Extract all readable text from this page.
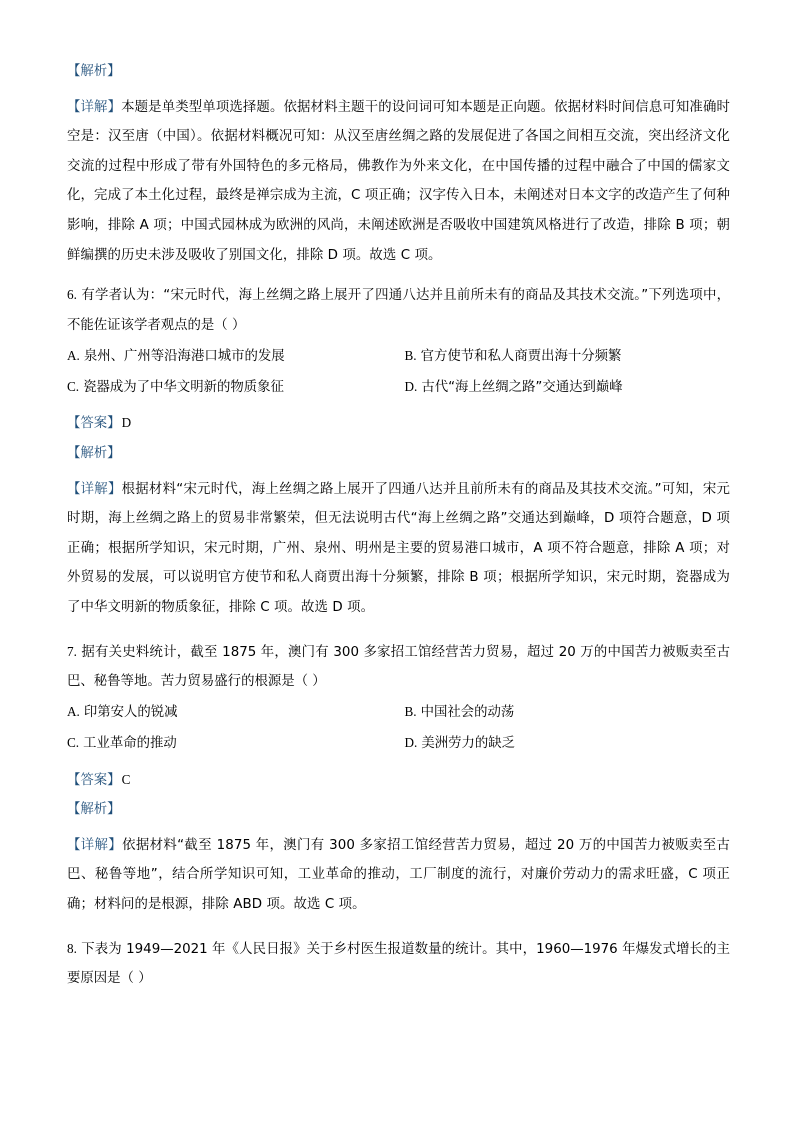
【解析】

【详解】本题是单类型单项选择题。依据材料主题干的设问词可知本题是正向题。依据材料时间信息可知准确时空是：汉至唐（中国）。依据材料概况可知：从汉至唐丝绸之路的发展促进了各国之间相互交流，突出经济文化交流的过程中形成了带有外国特色的多元格局，佛教作为外来文化，在中国传播的过程中融合了中国的儒家文化，完成了本土化过程，最终是禅宗成为主流，C 项正确；汉字传入日本，未阐述对日本文字的改造产生了何种影响，排除 A 项；中国式园林成为欧洲的风尚，未阐述欧洲是否吸收中国建筑风格进行了改造，排除 B 项；朝鲜编撰的历史未涉及吸收了别国文化，排除 D 项。故选 C 项。

6. 有学者认为：“宋元时代，海上丝绸之路上展开了四通八达并且前所未有的商品及其技术交流。”下列选项中，不能佐证该学者观点的是（ ）

A. 泉州、广州等沿海港口城市的发展	B. 官方使节和私人商贾出海十分频繁
C. 瓷器成为了中华文明新的物质象征	D. 古代“海上丝绸之路”交通达到巅峰
【答案】D
【解析】

【详解】根据材料“宋元时代，海上丝绸之路上展开了四通八达并且前所未有的商品及其技术交流。”可知，宋元时期，海上丝绸之路上的贸易非常繁荣，但无法说明古代“海上丝绸之路”交通达到巅峰，D 项符合题意，D 项正确；根据所学知识，宋元时期，广州、泉州、明州是主要的贸易港口城市，A 项不符合题意，排除 A 项；对外贸易的发展，可以说明官方使节和私人商贾出海十分频繁，排除 B 项；根据所学知识，宋元时期，瓷器成为了中华文明新的物质象征，排除 C 项。故选 D 项。

7. 据有关史料统计，截至 1875 年，澳门有 300 多家招工馆经营苦力贸易，超过 20 万的中国苦力被贩卖至古巴、秘鲁等地。苦力贸易盛行的根源是（ ）

A. 印第安人的锐减	B. 中国社会的动荡
C. 工业革命的推动	D. 美洲劳力的缺乏
【答案】C
【解析】

【详解】依据材料“截至 1875 年，澳门有 300 多家招工馆经营苦力贸易，超过 20 万的中国苦力被贩卖至古巴、秘鲁等地”，结合所学知识可知，工业革命的推动，工厂制度的流行，对廉价劳动力的需求旺盛，C 项正确；材料问的是根源，排除 ABD 项。故选 C 项。

8. 下表为 1949—2021 年《人民日报》关于乡村医生报道数量的统计。其中，1960—1976 年爆发式增长的主要原因是（ ）
